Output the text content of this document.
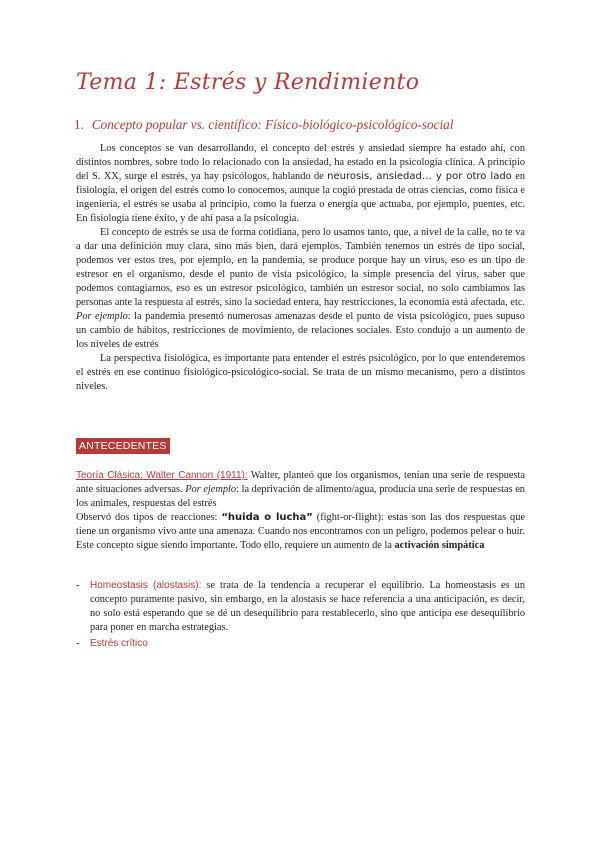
Tema 1: Estrés y Rendimiento
1. Concepto popular vs. científico: Físico-biológico-psicológico-social

Los conceptos se van desarrollando, el concepto del estrés y ansiedad siempre ha estado ahí, con distintos nombres, sobre todo lo relacionado con la ansiedad, ha estado en la psicología clínica. A principio del S. XX, surge el estrés, ya hay psicólogos, hablando de neurosis, ansiedad… y por otro lado en fisiología, el origen del estrés como lo conocemos, aunque la cogió prestada de otras ciencias, como física e ingeniería, el estrés se usaba al principio, como la fuerza o energía que actuaba, por ejemplo, puentes, etc. En fisiología tiene éxito, y de ahí pasa a la psicología.

El concepto de estrés se usa de forma cotidiana, pero lo usamos tanto, que, a nivel de la calle, no te va a dar una definición muy clara, sino más bien, dará ejemplos. También tenemos un estrés de tipo social, podemos ver estos tres, por ejemplo, en la pandemia, se produce porque hay un virus, eso es un tipo de estresor en el organismo, desde el punto de vista psicológico, la simple presencia del virus, saber que podemos contagiarnos, eso es un estresor psicológico, también un estresor social, no solo cambiamos las personas ante la respuesta al estrés, sino la sociedad entera, hay restricciones, la economía está afectada, etc. Por ejemplo: la pandemia presentó numerosas amenazas desde el punto de vista psicológico, pues supuso un cambio de hábitos, restricciones de movimiento, de relaciones sociales. Esto condujo a un aumento de los niveles de estrés

La perspectiva fisiológica, es importante para entender el estrés psicológico, por lo que entenderemos el estrés en ese continuo fisiológico-psicológico-social. Se trata de un mismo mecanismo, pero a distintos niveles.

ANTECEDENTES

Teoría Clásica: Walter Cannon (1911): Walter, planteó que los organismos, tenían una serie de respuesta ante situaciones adversas. Por ejemplo: la deprivación de alimento/agua, producía una serie de respuestas en los animales, respuestas del estrés

Observó dos tipos de reacciones: “huida o lucha” (fight-or-flight): estas son las dos respuestas que tiene un organismo vivo ante una amenaza. Cuando nos encontramos con un peligro, podemos pelear o huir. Este concepto sigue siendo importante. Todo ello, requiere un aumento de la activación simpática

- Homeostasis (alostasis): se trata de la tendencia a recuperar el equilibrio. La homeostasis es un concepto puramente pasivo, sin embargo, en la alostasis se hace referencia a una anticipación, es decir, no solo está esperando que se dé un desequilibrio para restablecerlo, sino que anticipa ese desequilibrio para poner en marcha estrategias.

- Estrés crítico
